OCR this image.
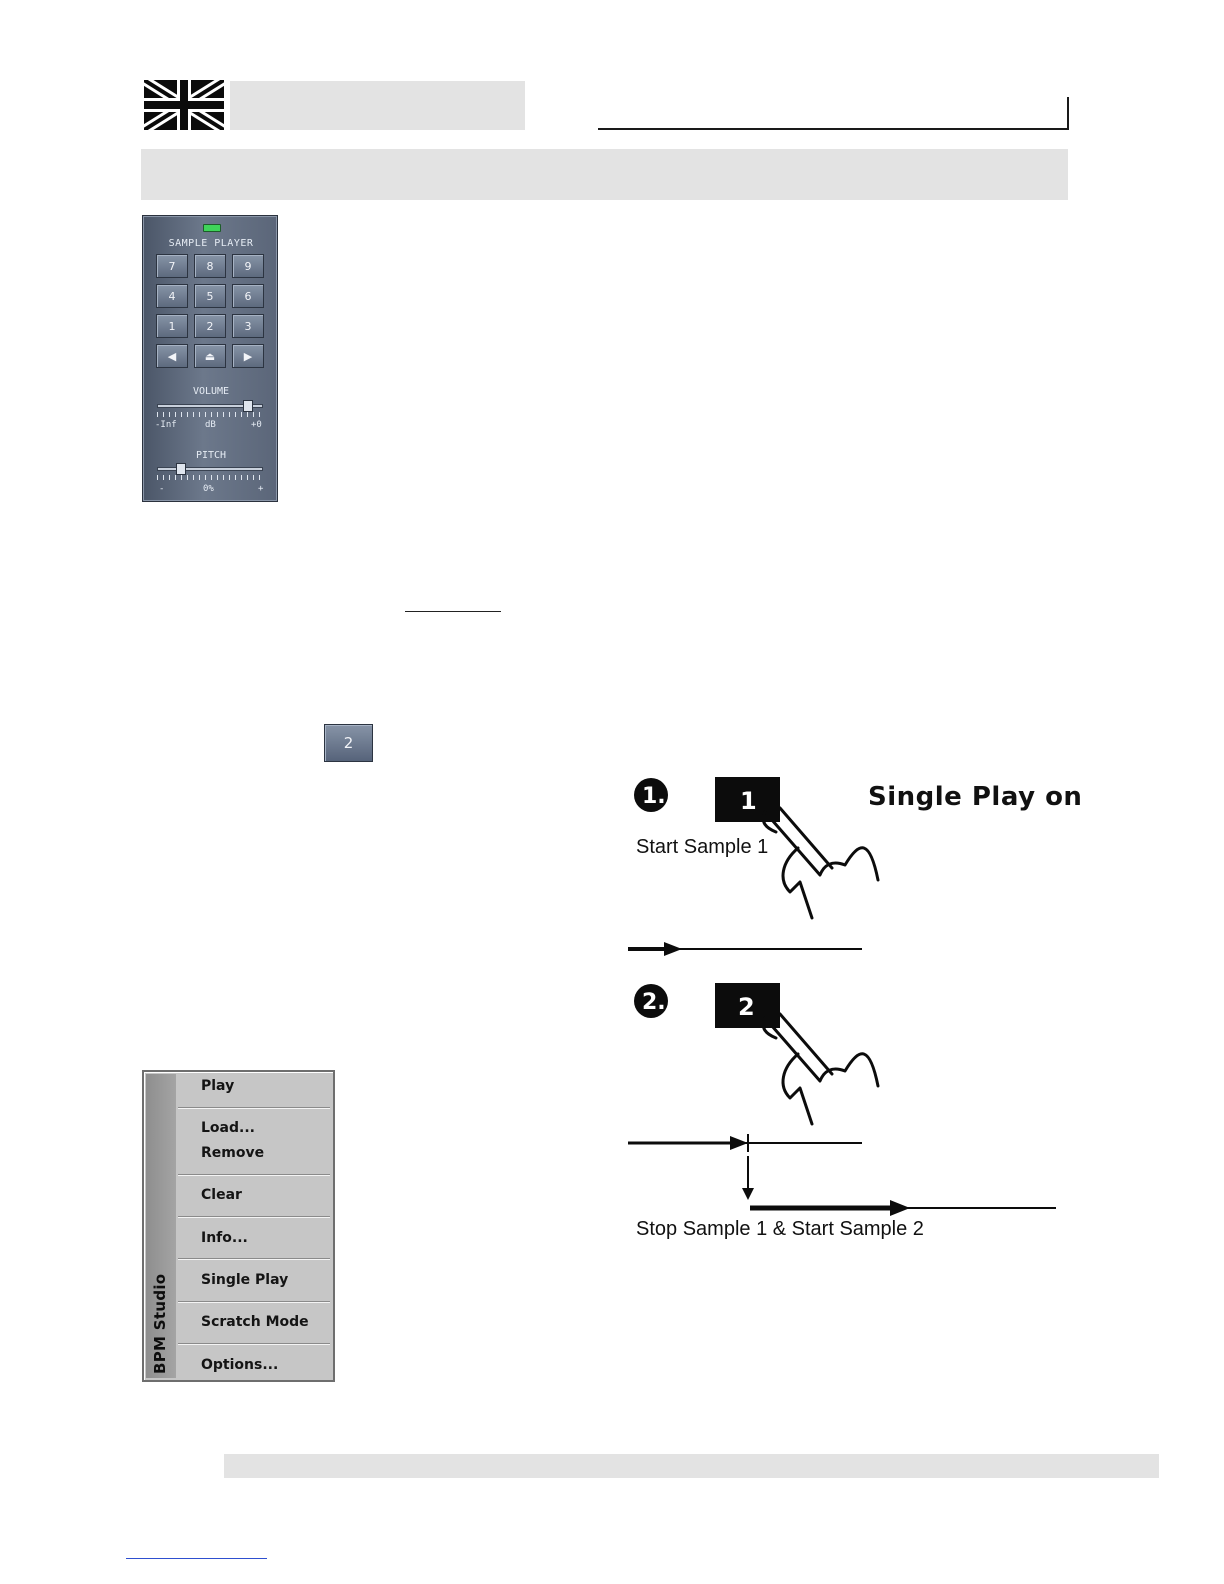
SAMPLE PLAYER
7	8	9
4	5	6
1	2	3
◀	⏏	▶
VOLUME
-Inf	dB	+0
PITCH
-	0%	+
2
BPM Studio
Play
Load...
Remove
Clear
Info...
Single Play
Scratch Mode
Options...
1.	1
2.	2
Single Play on
Start Sample 1
Stop Sample 1 & Start Sample 2
